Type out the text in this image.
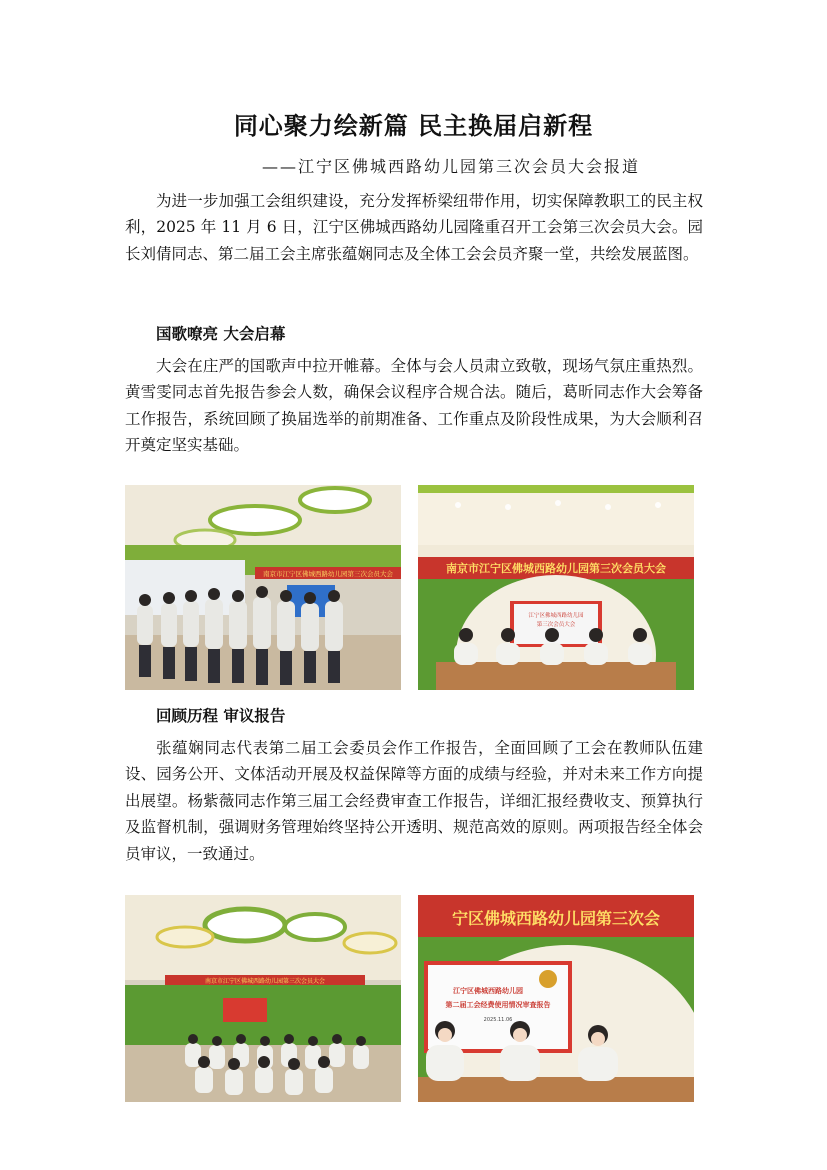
同心聚力绘新篇 民主换届启新程
——江宁区佛城西路幼儿园第三次会员大会报道

为进一步加强工会组织建设，充分发挥桥梁纽带作用，切实保障教职工的民主权利，2025 年 11 月 6 日，江宁区佛城西路幼儿园隆重召开工会第三次会员大会。园长刘倩同志、第二届工会主席张蕴娴同志及全体工会会员齐聚一堂，共绘发展蓝图。

国歌嘹亮 大会启幕

大会在庄严的国歌声中拉开帷幕。全体与会人员肃立致敬，现场气氛庄重热烈。黄雪雯同志首先报告参会人数，确保会议程序合规合法。随后，葛昕同志作大会筹备工作报告，系统回顾了换届选举的前期准备、工作重点及阶段性成果，为大会顺利召开奠定坚实基础。

南京市江宁区佛城西路幼儿园第三次会员大会	南京市江宁区佛城西路幼儿园第三次会员大会
江宁区佛城西路幼儿园
第三次会员大会
回顾历程 审议报告

张蕴娴同志代表第二届工会委员会作工作报告，全面回顾了工会在教师队伍建设、园务公开、文体活动开展及权益保障等方面的成绩与经验，并对未来工作方向提出展望。杨紫薇同志作第三届工会经费审查工作报告，详细汇报经费收支、预算执行及监督机制，强调财务管理始终坚持公开透明、规范高效的原则。两项报告经全体会员审议，一致通过。

南京市江宁区佛城西路幼儿园第三次会员大会
宁区佛城西路幼儿园第三次会
江宁区佛城西路幼儿园
第二届工会经费使用情况审查报告
2025.11.06
